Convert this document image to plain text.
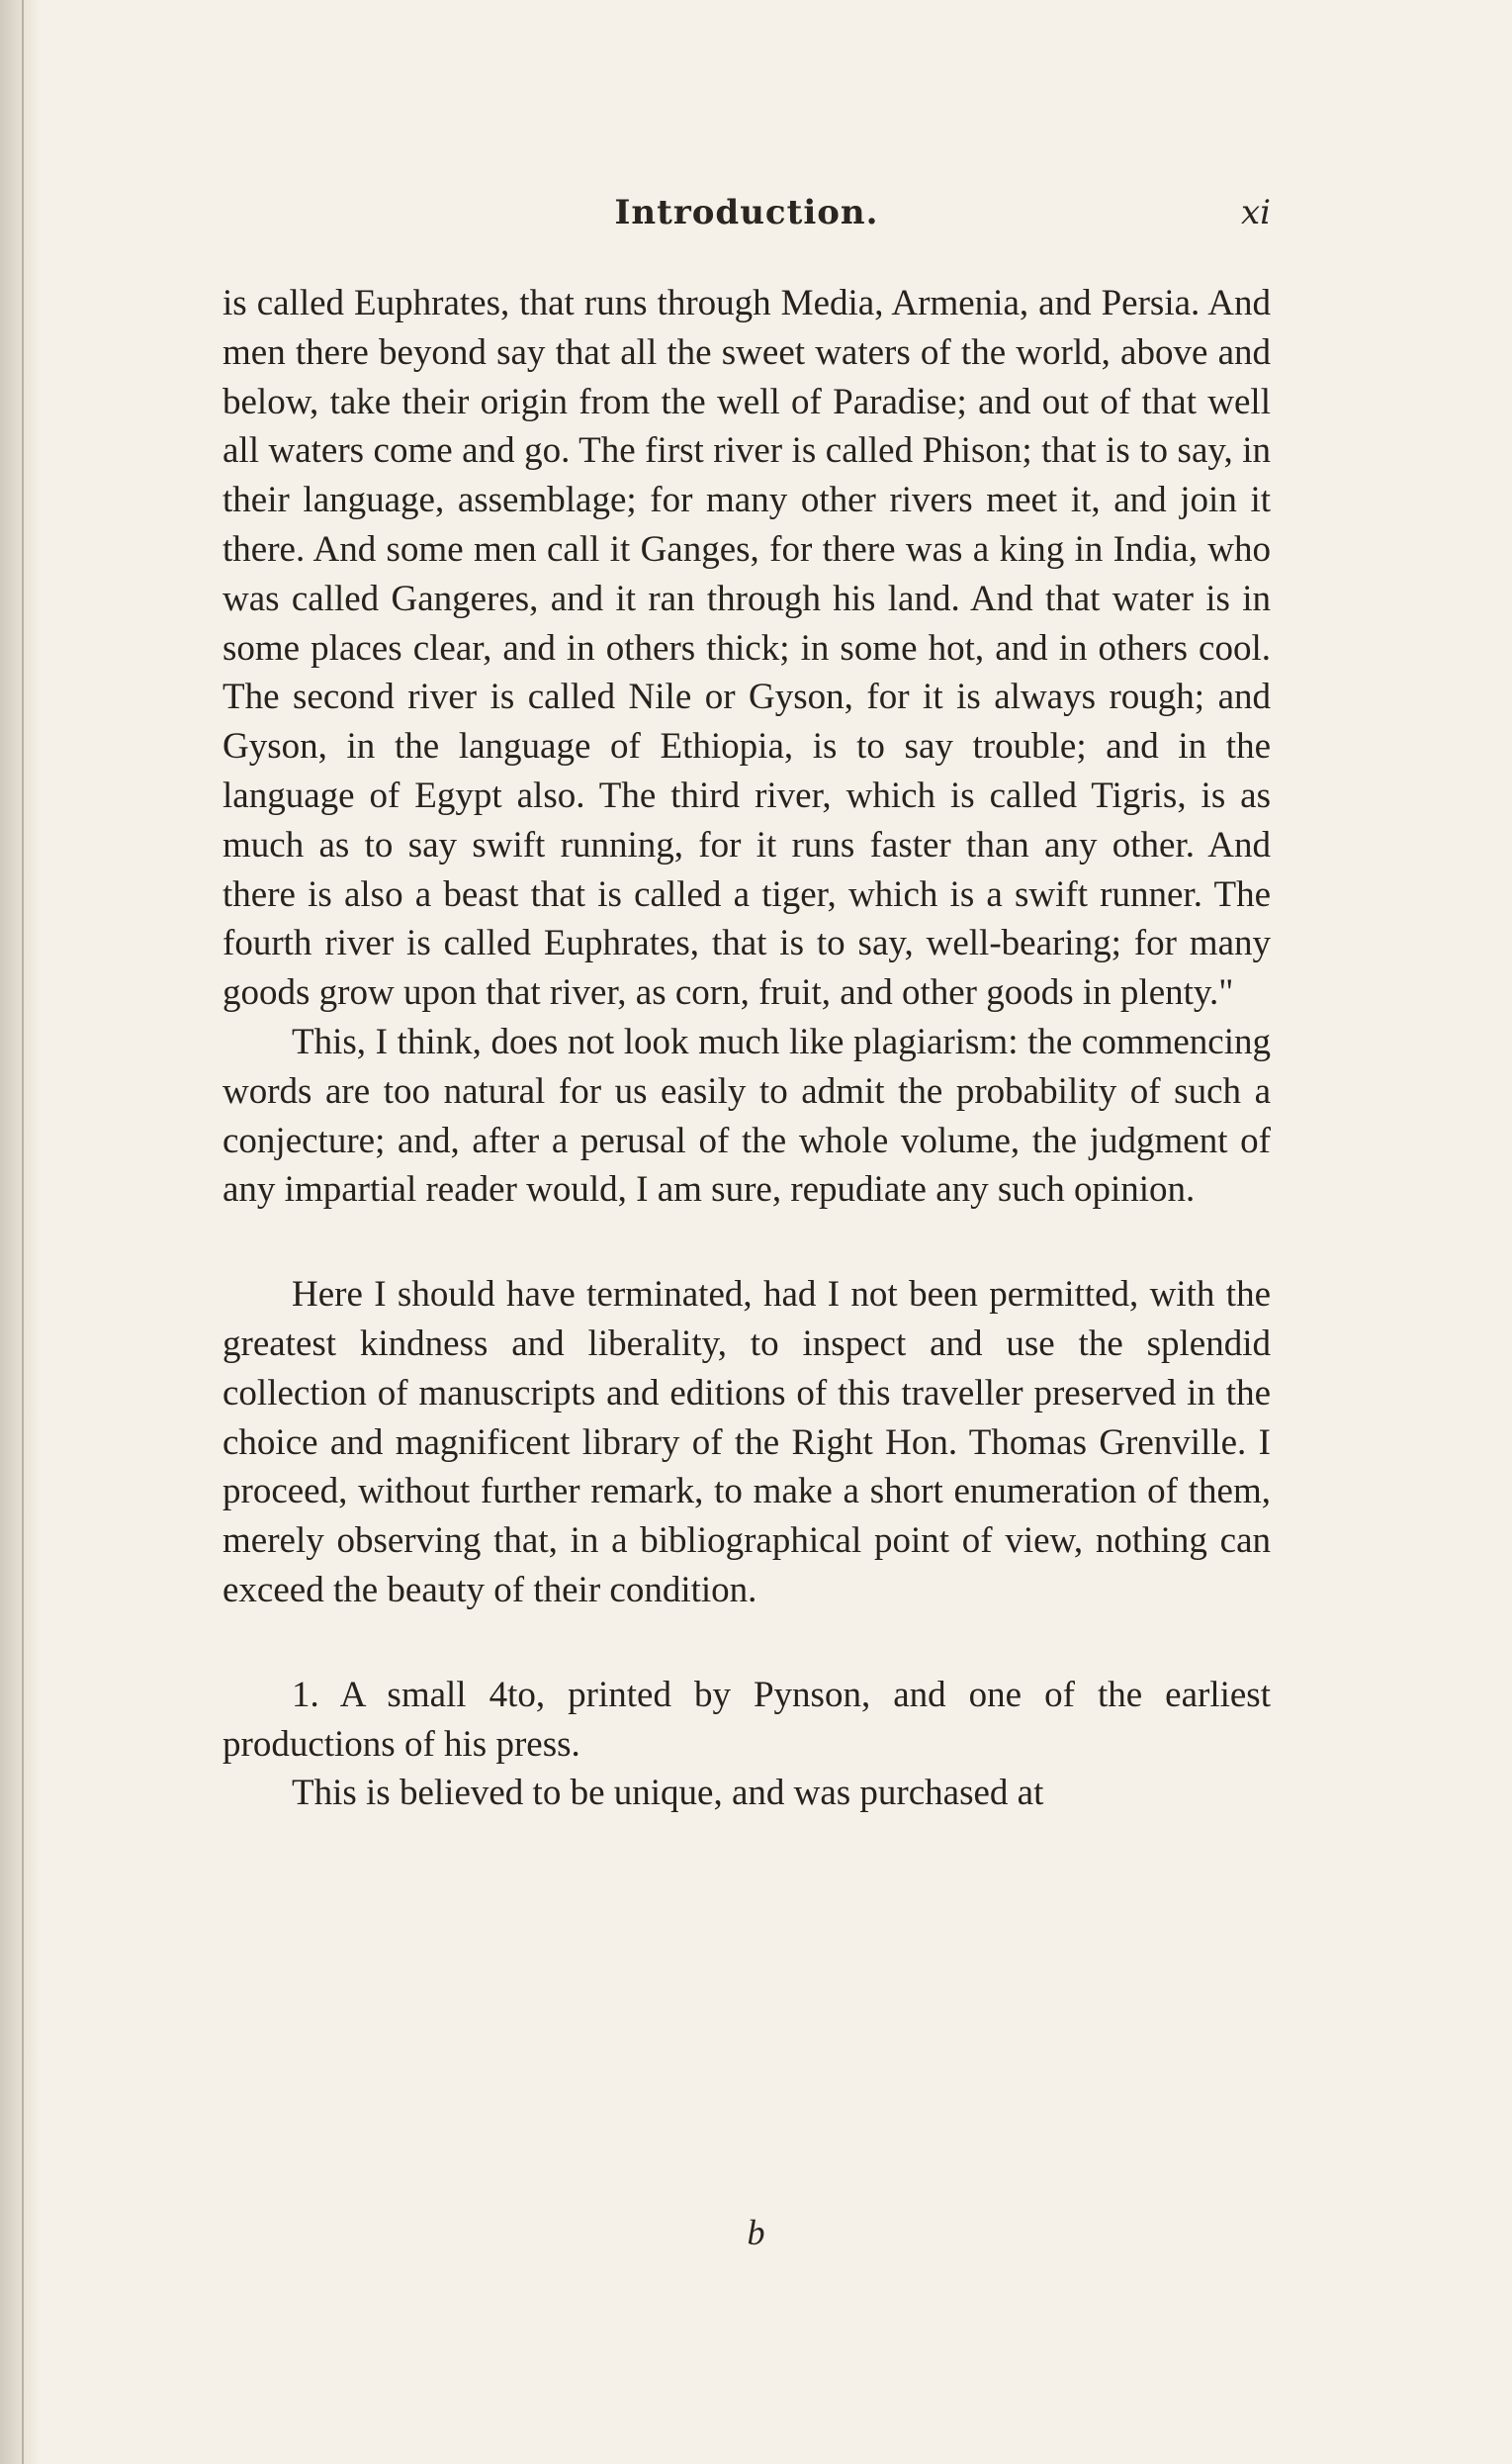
Introduction.	xi

is called Euphrates, that runs through Media, Armenia, and Persia. And men there beyond say that all the sweet waters of the world, above and below, take their origin from the well of Paradise; and out of that well all waters come and go. The first river is called Phison; that is to say, in their language, assemblage; for many other rivers meet it, and join it there. And some men call it Ganges, for there was a king in India, who was called Gangeres, and it ran through his land. And that water is in some places clear, and in others thick; in some hot, and in others cool. The second river is called Nile or Gyson, for it is always rough; and Gyson, in the language of Ethiopia, is to say trouble; and in the language of Egypt also. The third river, which is called Tigris, is as much as to say swift running, for it runs faster than any other. And there is also a beast that is called a tiger, which is a swift runner. The fourth river is called Euphrates, that is to say, well-bearing; for many goods grow upon that river, as corn, fruit, and other goods in plenty."

This, I think, does not look much like plagiarism: the commencing words are too natural for us easily to admit the probability of such a conjecture; and, after a perusal of the whole volume, the judgment of any impartial reader would, I am sure, repudiate any such opinion.

Here I should have terminated, had I not been permitted, with the greatest kindness and liberality, to inspect and use the splendid collection of manuscripts and editions of this traveller preserved in the choice and magnificent library of the Right Hon. Thomas Grenville. I proceed, without further remark, to make a short enumeration of them, merely observing that, in a bibliographical point of view, nothing can exceed the beauty of their condition.

1. A small 4to, printed by Pynson, and one of the earliest productions of his press.

This is believed to be unique, and was purchased at

b
